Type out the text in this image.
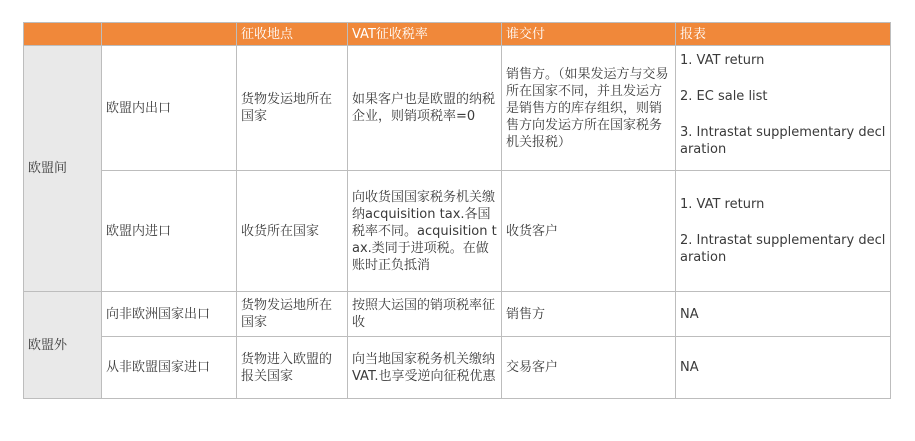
		征收地点	VAT征收税率	谁交付	报表
欧盟间	欧盟内出口	货物发运地所在国家	如果客户也是欧盟的纳税企业，则销项税率=0	销售方。（如果发运方与交易所在国家不同，并且发运方是销售方的库存组织，则销售方向发运方所在国家税务机关报税）	1. VAT return
2. EC sale list
3. Intrastat supplementary declaration

	欧盟内进口	收货所在国家	向收货国国家税务机关缴纳acquisition tax.各国税率不同。acquisition tax.类同于进项税。在做账时正负抵消	收货客户	1. VAT return
2. Intrastat supplementary declaration

欧盟外	向非欧洲国家出口	货物发运地所在国家	按照大运国的销项税率征收	销售方	NA

	从非欧盟国家进口	货物进入欧盟的报关国家	向当地国家税务机关缴纳VAT.也享受逆向征税优惠	交易客户	NA
